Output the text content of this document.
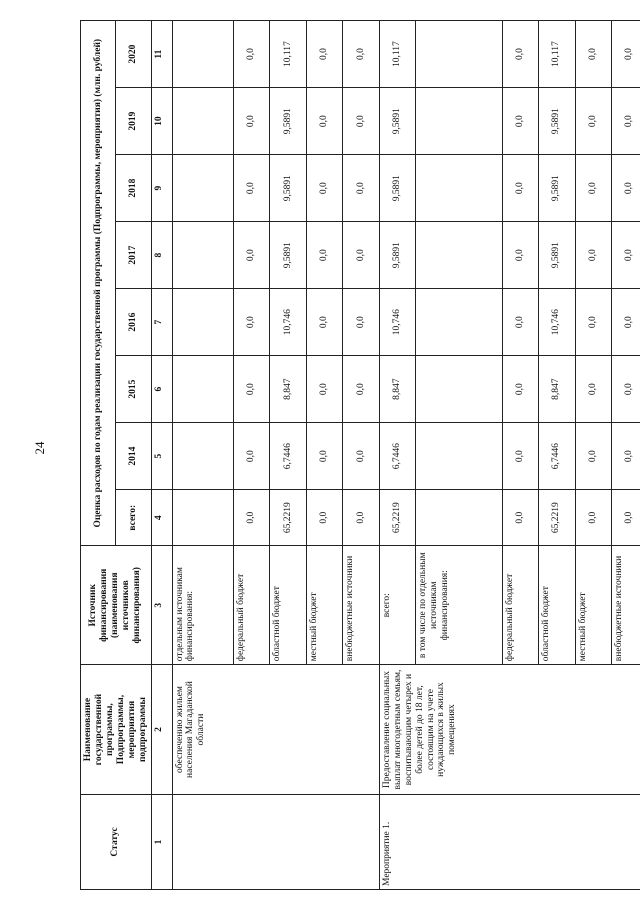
24
Статус	Наименование государственной программы, Подпрограммы, мероприятия подпрограммы	Источник финансирования (наименования источников финансирования)	Оценка расходов по годам реализации государственной программы (Подпрограммы, мероприятия) (млн. рублей)							
			всего:	2014	2015	2016	2017	2018	2019	2020
1	2	3	4	5	6	7	8	9	10	11
	обеспечению жильем населения Магаданской области	отдельным источникам финансирования:								
		федеральный бюджет	0,0	0,0	0,0	0,0	0,0	0,0	0,0	0,0
		областной бюджет	65,2219	6,7446	8,847	10,746	9,5891	9,5891	9,5891	10,117
		местный бюджет	0,0	0,0	0,0	0,0	0,0	0,0	0,0	0,0
		внебюджетные источники	0,0	0,0	0,0	0,0	0,0	0,0	0,0	0,0
Мероприятие 1.	Предоставление социальных выплат многодетным семьям, воспитывающим четырех и более детей до 18 лет, состоящим на учете нуждающихся в жилых помещениях	всего:	65,2219	6,7446	8,847	10,746	9,5891	9,5891	9,5891	10,117
		в том числе по отдельным источникам финансирования:								
		федеральный бюджет	0,0	0,0	0,0	0,0	0,0	0,0	0,0	0,0
		областной бюджет	65,2219	6,7446	8,847	10,746	9,5891	9,5891	9,5891	10,117
		местный бюджет	0,0	0,0	0,0	0,0	0,0	0,0	0,0	0,0
		внебюджетные источники	0,0	0,0	0,0	0,0	0,0	0,0	0,0	0,0
